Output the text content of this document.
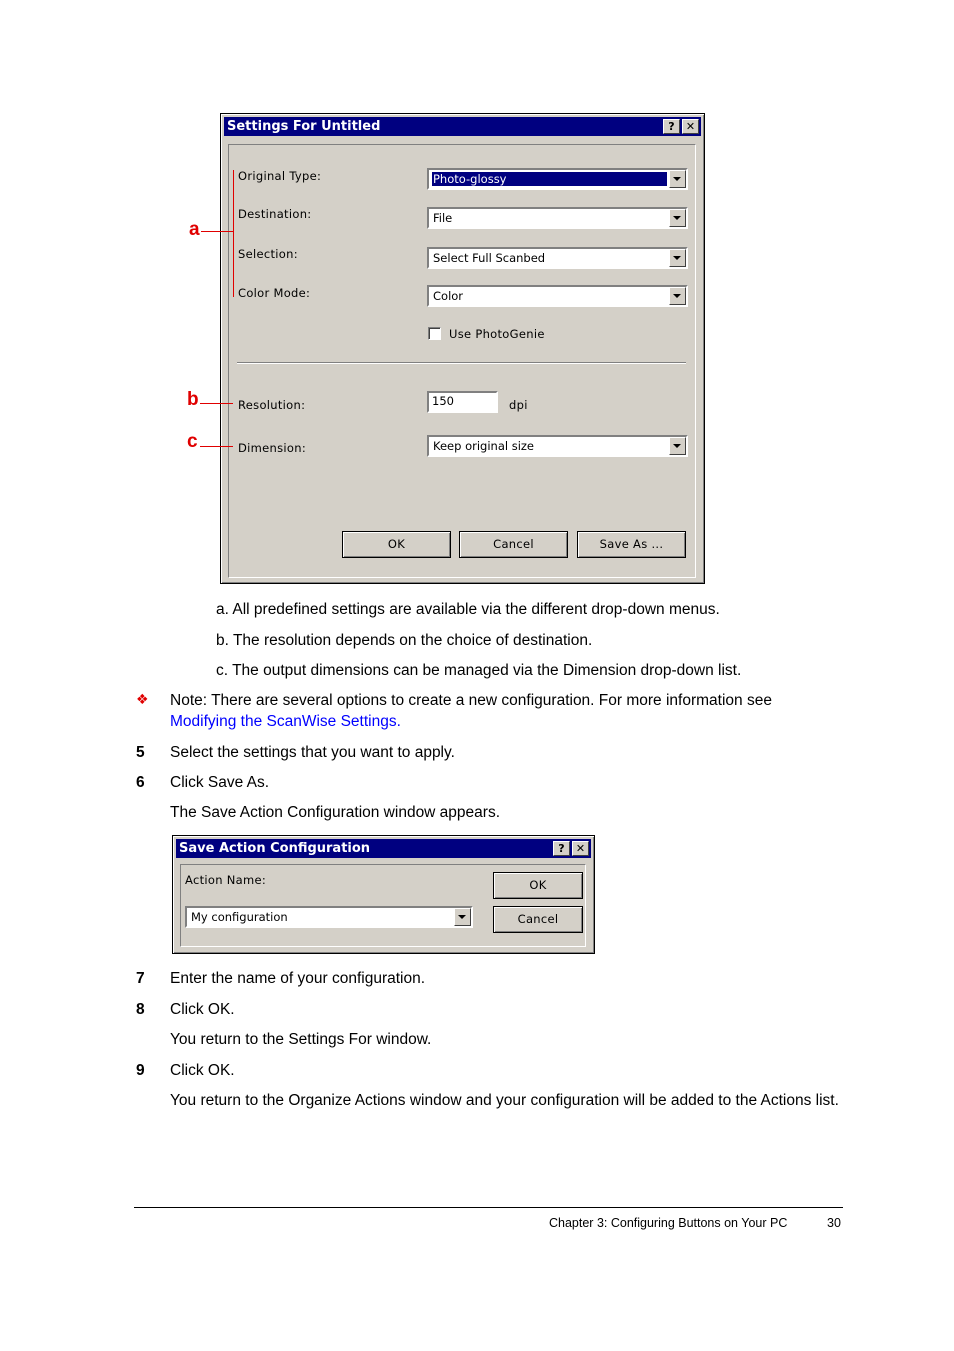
Settings For Untitled	?	✕
Original Type:	Photo-glossy
Destination:	File
Selection:	Select Full Scanbed
Color Mode:	Color
Use PhotoGenie
Resolution:	150	dpi
Dimension:	Keep original size
OK	Cancel	Save As ...
a
b
c
a. All predefined settings are available via the different drop-down menus.
b. The resolution depends on the choice of destination.
c. The output dimensions can be managed via the Dimension drop-down list.
❖ Note: There are several options to create a new configuration. For more information see
Modifying the ScanWise Settings.
5 Select the settings that you want to apply.
6 Click Save As.
The Save Action Configuration window appears.
Save Action Configuration	?	✕
Action Name:
My configuration
OK
Cancel
7 Enter the name of your configuration.
8 Click OK.
You return to the Settings For window.
9 Click OK.
You return to the Organize Actions window and your configuration will be added to the Actions list.
Chapter 3: Configuring Buttons on Your PC	30
